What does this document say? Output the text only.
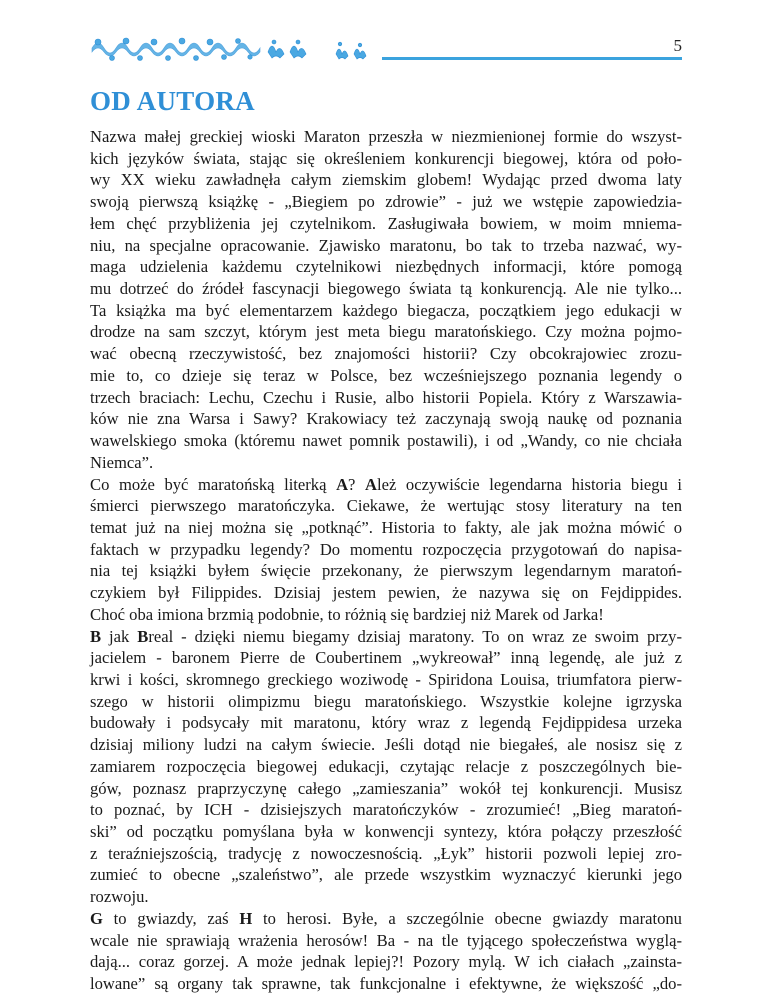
5
OD AUTORA
Nazwa małej greckiej wioski Maraton przeszła w niezmienionej formie do wszyst-
kich języków świata, stając się określeniem konkurencji biegowej, która od poło-
wy XX wieku zawładnęła całym ziemskim globem! Wydając przed dwoma laty
swoją pierwszą książkę - „Biegiem po zdrowie” - już we wstępie zapowiedzia-
łem chęć przybliżenia jej czytelnikom. Zasługiwała bowiem, w moim mniema-
niu, na specjalne opracowanie. Zjawisko maratonu, bo tak to trzeba nazwać, wy-
maga udzielenia każdemu czytelnikowi niezbędnych informacji, które pomogą
mu dotrzeć do źródeł fascynacji biegowego świata tą konkurencją. Ale nie tylko...
Ta książka ma być elementarzem każdego biegacza, początkiem jego edukacji w
drodze na sam szczyt, którym jest meta biegu maratońskiego. Czy można pojmo-
wać obecną rzeczywistość, bez znajomości historii? Czy obcokrajowiec zrozu-
mie to, co dzieje się teraz w Polsce, bez wcześniejszego poznania legendy o
trzech braciach: Lechu, Czechu i Rusie, albo historii Popiela. Który z Warszawia-
ków nie zna Warsa i Sawy? Krakowiacy też zaczynają swoją naukę od poznania
wawelskiego smoka (któremu nawet pomnik postawili), i od „Wandy, co nie chciała
Niemca”.
Co może być maratońską literką A? Ależ oczywiście legendarna historia biegu i
śmierci pierwszego maratończyka. Ciekawe, że wertując stosy literatury na ten
temat już na niej można się „potknąć”. Historia to fakty, ale jak można mówić o
faktach w przypadku legendy? Do momentu rozpoczęcia przygotowań do napisa-
nia tej książki byłem święcie przekonany, że pierwszym legendarnym maratoń-
czykiem był Filippides. Dzisiaj jestem pewien, że nazywa się on Fejdippides.
Choć oba imiona brzmią podobnie, to różnią się bardziej niż Marek od Jarka!
B jak Breal - dzięki niemu biegamy dzisiaj maratony. To on wraz ze swoim przy-
jacielem - baronem Pierre de Coubertinem „wykreował” inną legendę, ale już z
krwi i kości, skromnego greckiego woziwodę - Spiridona Louisa, triumfatora pierw-
szego w historii olimpizmu biegu maratońskiego. Wszystkie kolejne igrzyska
budowały i podsycały mit maratonu, który wraz z legendą Fejdippidesa urzeka
dzisiaj miliony ludzi na całym świecie. Jeśli dotąd nie biegałeś, ale nosisz się z
zamiarem rozpoczęcia biegowej edukacji, czytając relacje z poszczególnych bie-
gów, poznasz praprzyczynę całego „zamieszania” wokół tej konkurencji. Musisz
to poznać, by ICH - dzisiejszych maratończyków - zrozumieć! „Bieg maratoń-
ski” od początku pomyślana była w konwencji syntezy, która połączy przeszłość
z teraźniejszością, tradycję z nowoczesnością. „Łyk” historii pozwoli lepiej zro-
zumieć to obecne „szaleństwo”, ale przede wszystkim wyznaczyć kierunki jego
rozwoju.
G to gwiazdy, zaś H to herosi. Byłe, a szczególnie obecne gwiazdy maratonu
wcale nie sprawiają wrażenia herosów! Ba - na tle tyjącego społeczeństwa wyglą-
dają... coraz gorzej. A może jednak lepiej?! Pozory mylą. W ich ciałach „zainsta-
lowane” są organy tak sprawne, tak funkcjonalne i efektywne, że większość „do-
